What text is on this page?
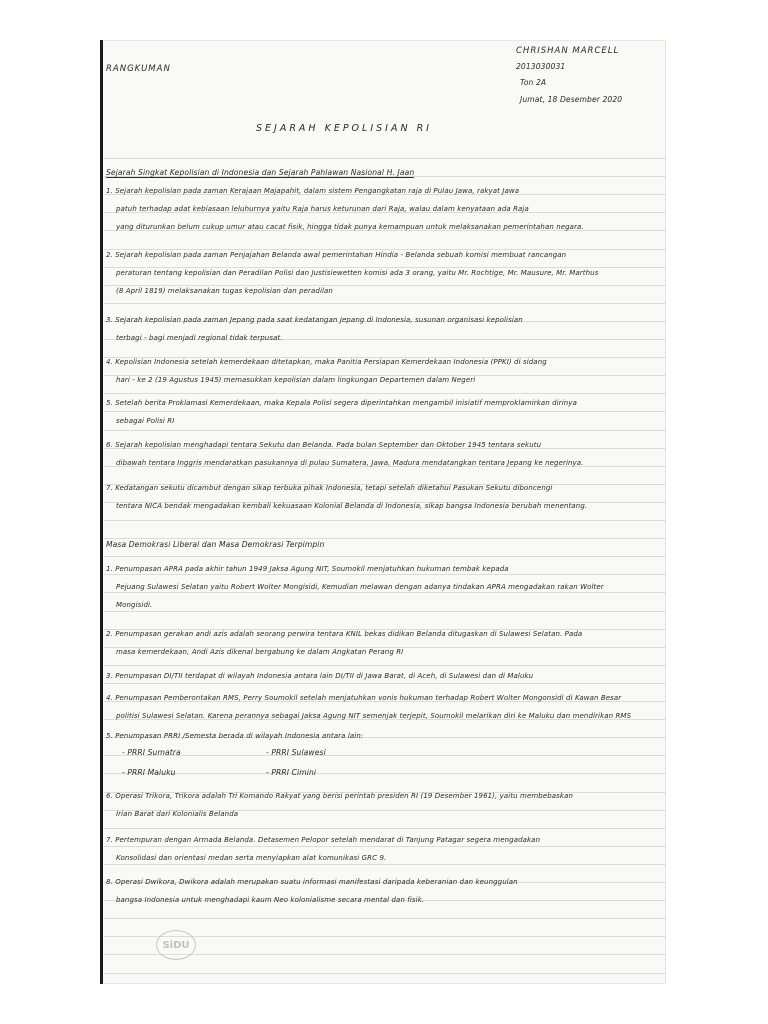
RANGKUMAN
CHRISHAN MARCELL
2013030031
Ton 2A
Jumat, 18 Desember 2020
SEJARAH KEPOLISIAN RI
Sejarah Singkat Kepolisian di Indonesia dan Sejarah Pahlawan Nasional H. Jaan
1. Sejarah kepolisian pada zaman Kerajaan Majapahit, dalam sistem Pengangkatan raja di Pulau Jawa, rakyat Jawa
patuh terhadap adat kebiasaan leluhurnya yaitu Raja harus keturunan dari Raja, walau dalam kenyataan ada Raja
yang diturunkan belum cukup umur atau cacat fisik, hingga tidak punya kemampuan untuk melaksanakan pemerintahan negara.
2. Sejarah kepolisian pada zaman Penjajahan Belanda awal pemerintahan Hindia - Belanda sebuah komisi membuat rancangan
peraturan tentang kepolisian dan Peradilan Polisi dan Justisiewetten komisi ada 3 orang, yaitu Mr. Rochtige, Mr. Mausure, Mr. Marthus
(8 April 1819) melaksanakan tugas kepolisian dan peradilan
3. Sejarah kepolisian pada zaman Jepang pada saat kedatangan Jepang di Indonesia, susunan organisasi kepolisian
terbagi - bagi menjadi regional tidak terpusat.
4. Kepolisian Indonesia setelah kemerdekaan ditetapkan, maka Panitia Persiapan Kemerdekaan Indonesia (PPKI) di sidang
hari - ke 2 (19 Agustus 1945) memasukkan kepolisian dalam lingkungan Departemen dalam Negeri
5. Setelah berita Proklamasi Kemerdekaan, maka Kepala Polisi segera diperintahkan mengambil inisiatif memproklamirkan dirinya
sebagai Polisi RI
6. Sejarah kepolisian menghadapi tentara Sekutu dan Belanda. Pada bulan September dan Oktober 1945 tentara sekutu
dibawah tentara Inggris mendaratkan pasukannya di pulau Sumatera, Jawa, Madura mendatangkan tentara Jepang ke negerinya.
7. Kedatangan sekutu dicambut dengan sikap terbuka pihak Indonesia, tetapi setelah diketahui Pasukan Sekutu diboncengi
tentara NICA bendak mengadakan kembali kekuasaan Kolonial Belanda di Indonesia, sikap bangsa Indonesia berubah menentang.
Masa Demokrasi Liberal dan Masa Demokrasi Terpimpin
1. Penumpasan APRA pada akhir tahun 1949 Jaksa Agung NIT, Soumokil menjatuhkan hukuman tembak kepada
Pejuang Sulawesi Selatan yaitu Robert Wolter Mongisidi, Kemudian melawan dengan adanya tindakan APRA mengadakan rakan Wolter
Mongisidi.
2. Penumpasan gerakan andi azis adalah seorang perwira tentara KNIL bekas didikan Belanda ditugaskan di Sulawesi Selatan. Pada
masa kemerdekaan, Andi Azis dikenal bergabung ke dalam Angkatan Perang RI
3. Penumpasan DI/TII terdapat di wilayah Indonesia antara lain DI/TII di Jawa Barat, di Aceh, di Sulawesi dan di Maluku
4. Penumpasan Pemberontakan RMS, Perry Soumokil setelah menjatuhkan vonis hukuman terhadap Robert Wolter Mongonsidi di Kawan Besar
politisi Sulawesi Selatan. Karena perannya sebagai Jaksa Agung NIT semenjak terjepit, Soumokil melarikan diri ke Maluku dan mendirikan RMS
5. Penumpasan PRRI /Semesta berada di wilayah Indonesia antara lain:
6. Operasi Trikora, Trikora adalah Tri Komando Rakyat yang berisi perintah presiden RI (19 Desember 1961), yaitu membebaskan
Irian Barat dari Kolonialis Belanda
7. Pertempuran dengan Armada Belanda. Detasemen Pelopor setelah mendarat di Tanjung Patagar segera mengadakan
Konsolidasi dan orientasi medan serta menyiapkan alat komunikasi GRC 9.
8. Operasi Dwikora, Dwikora adalah merupakan suatu informasi manifestasi daripada keberanian dan keunggulan
bangsa Indonesia untuk menghadapi kaum Neo kolonialisme secara mental dan fisik.
- PRRI Sumatra	- PRRI Sulawesi
- PRRI Maluku	- PRRI Cimini
SiDU
